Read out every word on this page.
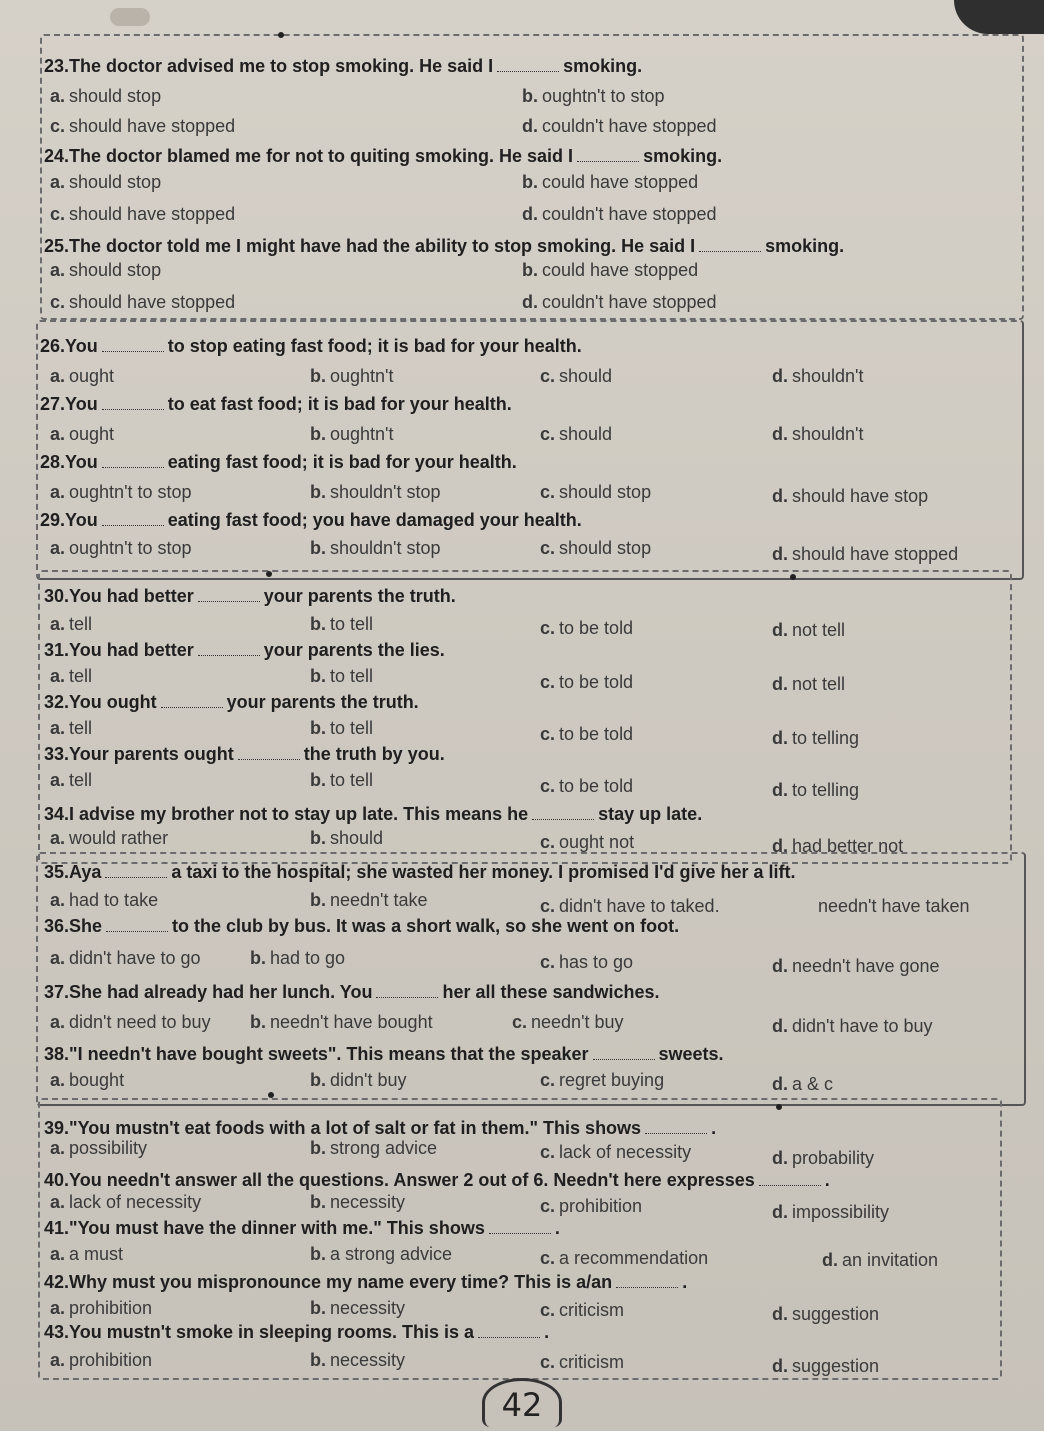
23.The doctor advised me to stop smoking. He said I	smoking.
a. should stop	b. oughtn't to stop
c. should have stopped	d. couldn't have stopped
24.The doctor blamed me for not to quiting smoking. He said I	smoking.
a. should stop	b. could have stopped
c. should have stopped	d. couldn't have stopped
25.The doctor told me I might have had the ability to stop smoking. He said I	smoking.
a. should stop	b. could have stopped
c. should have stopped	d. couldn't have stopped
26.You	to stop eating fast food; it is bad for your health.
a. ought	b. oughtn't	c. should	d. shouldn't
27.You	to eat fast food; it is bad for your health.
a. ought	b. oughtn't	c. should	d. shouldn't
28.You	eating fast food; it is bad for your health.
a. oughtn't to stop	b. shouldn't stop	c. should stop	d. should have stop
29.You	eating fast food; you have damaged your health.
a. oughtn't to stop	b. shouldn't stop	c. should stop	d. should have stopped
30.You had better	your parents the truth.
a. tell	b. to tell	c. to be told	d. not tell
31.You had better	your parents the lies.
a. tell	b. to tell	c. to be told	d. not tell
32.You ought	your parents the truth.
a. tell	b. to tell	c. to be told	d. to telling
33.Your parents ought	the truth by you.
a. tell	b. to tell	c. to be told	d. to telling
34.I advise my brother not to stay up late. This means he	stay up late.
a. would rather	b. should	c. ought not	d. had better not
35.Aya	a taxi to the hospital; she wasted her money. I promised I'd give her a lift.
a. had to take	b. needn't take	c. didn't have to taked.	needn't have taken
36.She	to the club by bus. It was a short walk, so she went on foot.
a. didn't have to go	b. had to go	c. has to go	d. needn't have gone
37.She had already had her lunch. You	her all these sandwiches.
a. didn't need to buy b. needn't have bought	c. needn't buy	d. didn't have to buy
38."I needn't have bought sweets". This means that the speaker	sweets.
a. bought	b. didn't buy	c. regret buying	d. a & c
39."You mustn't eat foods with a lot of salt or fat in them." This shows	.
a. possibility	b. strong advice	c. lack of necessity	d. probability
40.You needn't answer all the questions. Answer 2 out of 6. Needn't here expresses	.
a. lack of necessity	b. necessity	c. prohibition	d. impossibility
41."You must have the dinner with me." This shows	.
a. a must	b. a strong advice	c. a recommendation	d. an invitation
42.Why must you mispronounce my name every time? This is a/an	.
a. prohibition	b. necessity	c. criticism	d. suggestion
43.You mustn't smoke in sleeping rooms. This is a	.
a. prohibition	b. necessity	c. criticism	d. suggestion
42
